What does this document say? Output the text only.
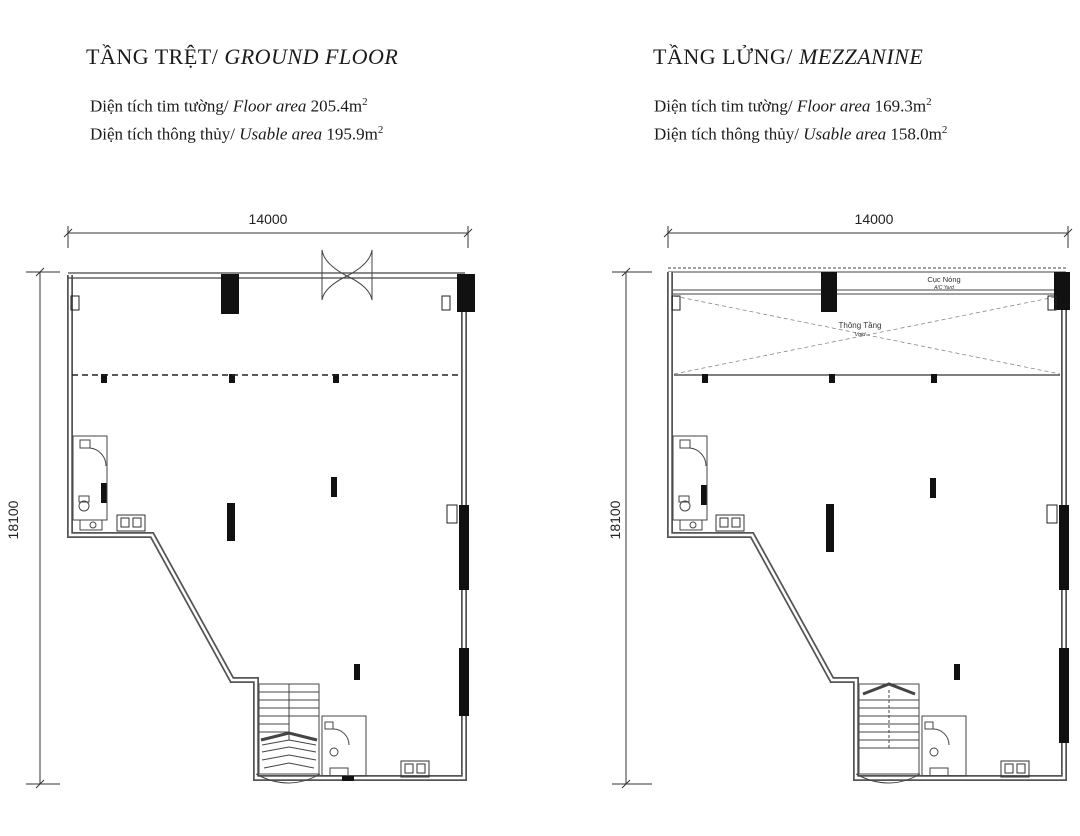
TẦNG TRỆT/ GROUND FLOOR
Diện tích tim tường/ Floor area $205.4m^2$
Diện tích thông thủy/ Usable area $195.9m^2$
14000
18100
TẦNG LỬNG/ MEZZANINE
Diện tích tim tường/ Floor area $169.3m^2$
Diện tích thông thủy/ Usable area $158.0m^2$
14000
18100
Cục Nóng
A/C Yard
Thông Tầng
Void
